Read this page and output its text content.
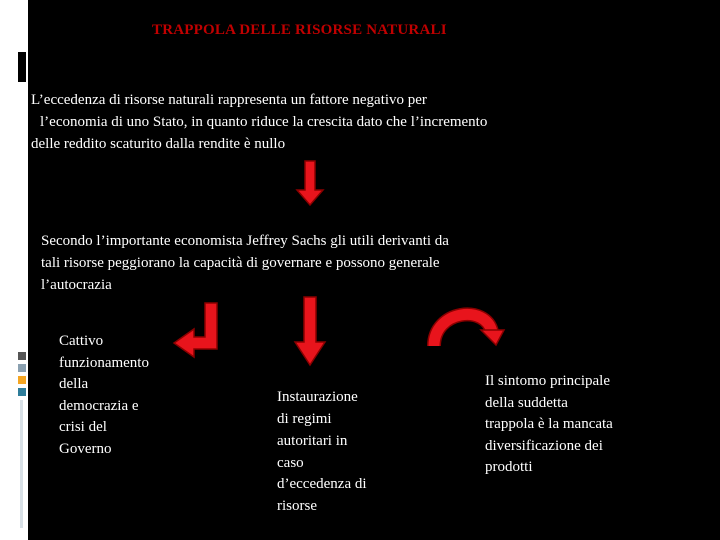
TRAPPOLA DELLE RISORSE NATURALI
L’eccedenza di risorse naturali rappresenta un fattore negativo per
l’economia di uno Stato, in quanto riduce la crescita dato che l’incremento
delle reddito scaturito dalla rendite è nullo
Secondo l’importante economista Jeffrey Sachs gli utili derivanti da
tali risorse peggiorano la capacità di governare e possono generale
l’autocrazia
Cattivo
funzionamento
della
democrazia e
crisi del
Governo
Instaurazione
di regimi
autoritari in
caso
d’eccedenza di
risorse
Il sintomo principale
della suddetta
trappola è la mancata
diversificazione dei
prodotti
